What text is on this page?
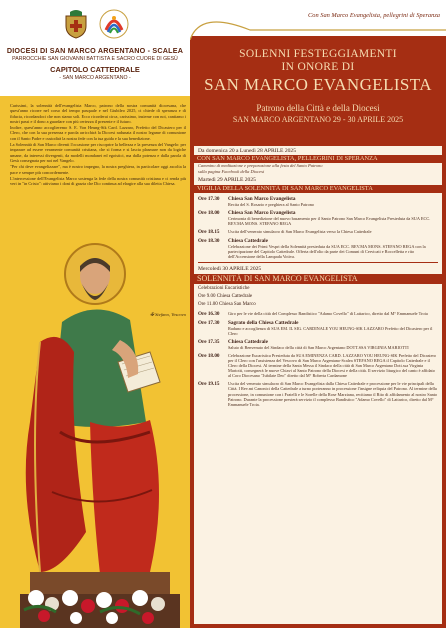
DIOCESI DI SAN MARCO ARGENTANO - SCALEA
PARROCCHIE SAN GIOVANNI BATTISTA E SACRO CUORE DI GESÙ
CAPITOLO CATTEDRALE
- SAN MARCO ARGENTANO -

Carissimi, la solennità dell'evangelista Marco, patrono della nostra comunità diocesana, che quest'anno ricorre nel corso del tempo pasquale e nel Giubileo 2025, ci chiede di speranza e di fiducia, ricordandoci che non siamo soli. Ecco ricorderai circa, carissimo, insieme con noi, cantiamo i nostri passi e il dono a guardare con più certezza il presente e il futuro.

Inoltre, quest'anno accoglieremo S. E. Von Heung-Sik Card. Lazzaro, Prefetto del Dicastero per il Clero, che con la sua presenza e parola arricchirà la Diocesi radunata il nostro legame di comunione con il Santo Padre e custodirà la nostra fede con la tua guida e la sua benedizione.

La Solennità di San Marco diventi l'occasione per riscoprire la bellezza e la presenza del Vangelo: per imparare ad essere veramente comunità cristiana, che si forma e si lascia plasmare non da logiche umane, da interessi divergenti, da modelli mondanei ed egoistici, ma dalla potenza e dalla parola di Gesù consegnata per noi nel Vangelo.

"Per chi deve evangelizzare", ma è nostro impegno, la nostra preghiera, in particolare oggi ascolta la pace e sempre più concordemente.

L'intercessione dell'Evangelista Marco sostenga la fede della nostra comunità cristiana e ci renda più veri in "in Cristo": attiviamo i doni di grazia che Dio continua ad elargire alla sua diletta Chiesa.

✠ Stefano, Vescovo
Con San Marco Evangelista, pellegrini di Speranza
SOLENNI FESTEGGIAMENTI
IN ONORE DI
SAN MARCO EVANGELISTA
Patrono della Città e della Diocesi
SAN MARCO ARGENTANO 29 - 30 APRILE 2025
Da domenica 20 a Lunedì 28 APRILE 2025
CON SAN MARCO EVANGELISTA, PELLEGRINI DI SPERANZA
Cammino di meditazione e preparazione alla festa del Santo Patrono
sulla pagina Facebook della Diocesi
Martedì 29 APRILE 2025
VIGILIA DELLA SOLENNITÀ DI SAN MARCO EVANGELISTA
Ore 17.30	Chiesa San Marco Evangelista
Recita del S. Rosario e preghiera al Santo Patrono
Ore 18.00	Chiesa San Marco Evangelista
Cerimonia di benedizione del nuovo basamento per il Santo Patrono San Marco Evangelista Presieduta da SUA ECC. REV.MA MONS. STEFANO REGA
Ore 18.15	Uscita dell'venerato simulacro di San Marco Evangelista verso la Chiesa Cattedrale
Ore 18.30	Chiesa Cattedrale
Celebrazione dei Primi Vespri della Solennità presieduta da SUA ECC. REV.MA MONS. STEFANO REGA con la partecipazione del Capitolo Cattedrale. Offerta dell'olio da parte dei Comuni di Cervicati e Roccelletta e rito dell'Accensione della Lampada Votiva.
Mercoledì 30 APRILE 2025
SOLENNITÀ DI SAN MARCO EVANGELISTA
Celebrazioni Eucaristiche
Ore 9.00 Chiesa Cattedrale
Ore 11.00 Chiesa San Marco
Ore 16.30	Giro per le vie della città del Complesso Bandistico "Adamo Covello" di Lattarico, diretto dal M° Emmanuele Troia
Ore 17.30	Sagrato della Chiesa Cattedrale
Raduno e accoglienza di SUA EM. IL SIG. CARDINALE YOU HEUNG-SIK LAZZARO Prefetto del Dicastero per il Clero
Ore 17.35	Chiesa Cattedrale
Saluto di Benvenuto del Sindaco della città di San Marco Argentano DOTT.SSA VIRGINIA MARIOTTI
Ore 18.00	Celebrazione Eucaristica Presieduta da SUA EMINENZA CARD. LAZZARO YOU HEUNG-SIK Prefetto del Dicastero per il Clero con l'assistenza del Vescovo di San Marco Argentano-Scalea STEFANO REGA il Capitolo Cattedrale e il Clero della Diocesi. Al termine della Santa Messa il Sindaco della città di San Marco Argentano Dott.ssa Virginia Mariotti, consegnerà le nuove Chiavi al Santo Patrono della Diocesi e della città. Il servizio liturgico del canto è affidato al Coro Diocesano "Jubilate Deo" diretto dal M° Roberta Cardamone
Ore 19.15	Uscita del venerato simulacro di San Marco Evangelista dalla Chiesa Cattedrale e processione per le vie principali della Città. I Rev.mi Canonici della Cattedrale a turno porteranno in processione l'insigne reliquia del Patrono. Al termine della processione, in comunione con i Fratelli e le Sorelle della Rose Marziana, recitiamo il Rito di affidamento al nostro Santo Patrono. Durante la processione presterà servizio il complesso Bandistico "Adamo Covello" di Lattarico, diretto dal M° Emmanuele Troia.
